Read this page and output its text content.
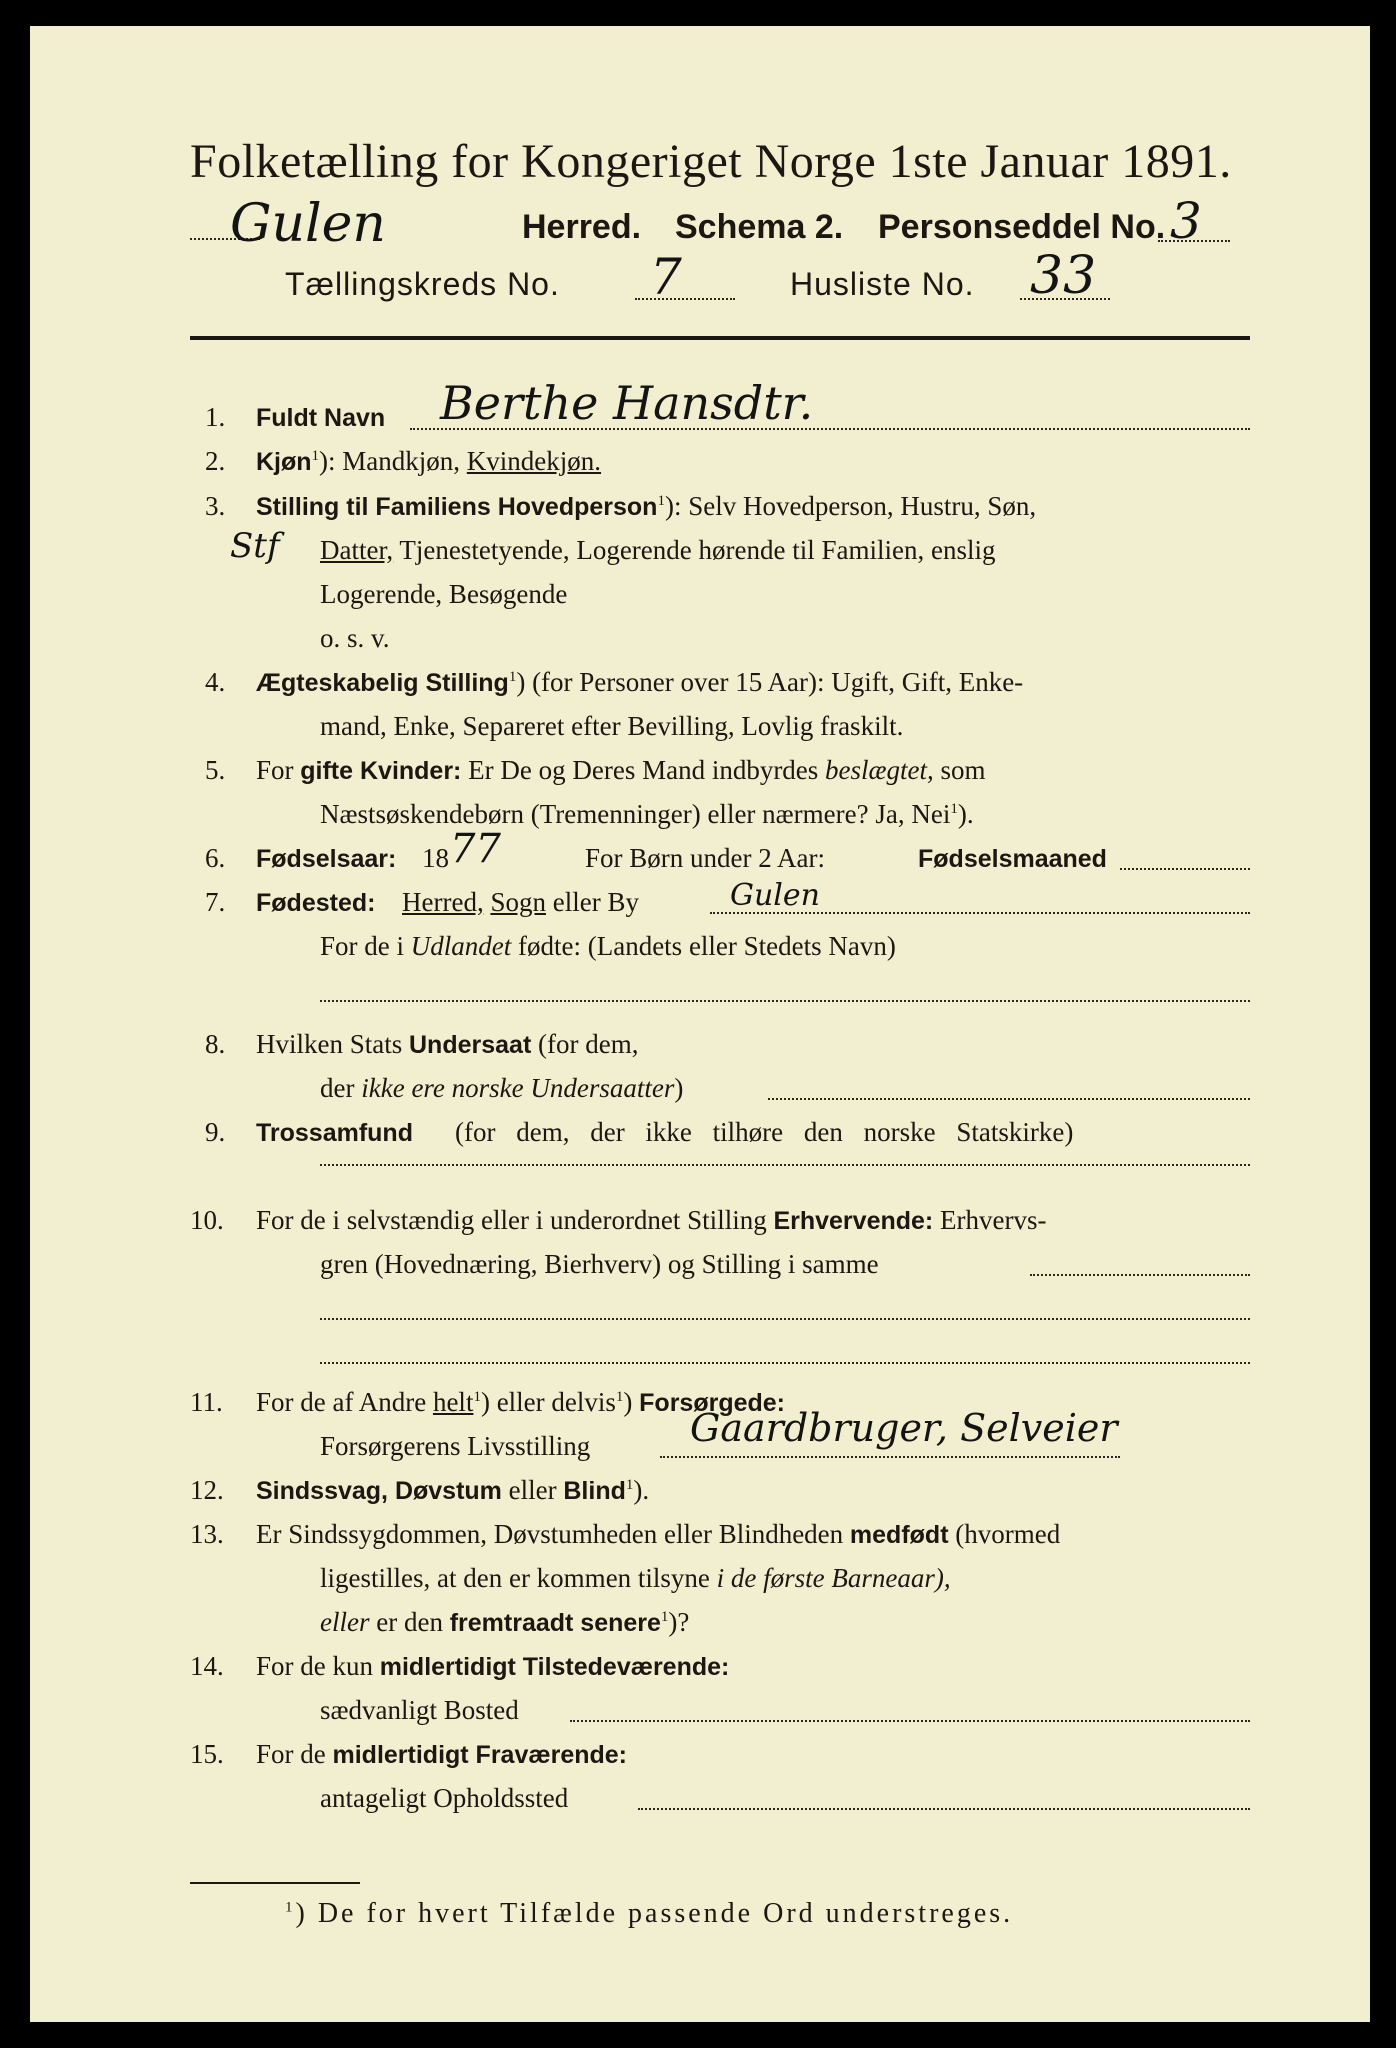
Folketælling for Kongeriget Norge 1ste Januar 1891.
Gulen	Herred. Schema 2. Personseddel No. 3
Tællingskreds No. 7	Husliste No. 33
1. Fuldt Navn Berthe Hansdtr.
2. Kjøn$^1$): Mandkjøn, Kvindekjøn.
3. Stilling til Familiens Hovedperson$^1$): Selv Hovedperson, Hustru, Søn,
Stf Datter, Tjenestetyende, Logerende hørende til Familien, enslig
Logerende, Besøgende
o. s. v.
4. Ægteskabelig Stilling$^1$) (for Personer over 15 Aar): Ugift, Gift, Enke-
mand, Enke, Separeret efter Bevilling, Lovlig fraskilt.
5. For gifte Kvinder: Er De og Deres Mand indbyrdes beslægtet, som
Næstsøskendebørn (Tremenninger) eller nærmere? Ja, Nei$^1$).
6. Fødselsaar: 18 77	For Børn under 2 Aar:	Fødselsmaaned
7. Fødested: Herred, Sogn eller By	Gulen
For de i Udlandet fødte: (Landets eller Stedets Navn)
8. Hvilken Stats Undersaat (for dem,
der ikke ere norske Undersaatter)
9. Trossamfund (for dem, der ikke tilhøre den norske Statskirke)
10. For de i selvstændig eller i underordnet Stilling Erhvervende: Erhvervs-
gren (Hovednæring, Bierhverv) og Stilling i samme
11. For de af Andre helt$^1$) eller delvis$^1$) Forsørgede:
Forsørgerens Livsstilling	Gaardbruger, Selveier
12. Sindssvag, Døvstum eller Blind$^1$).
13. Er Sindssygdommen, Døvstumheden eller Blindheden medfødt (hvormed
ligestilles, at den er kommen tilsyne i de første Barneaar),
eller er den fremtraadt senere$^1$)?
14. For de kun midlertidigt Tilstedeværende:
sædvanligt Bosted
15. For de midlertidigt Fraværende:
antageligt Opholdssted
$^1$) De for hvert Tilfælde passende Ord understreges.
